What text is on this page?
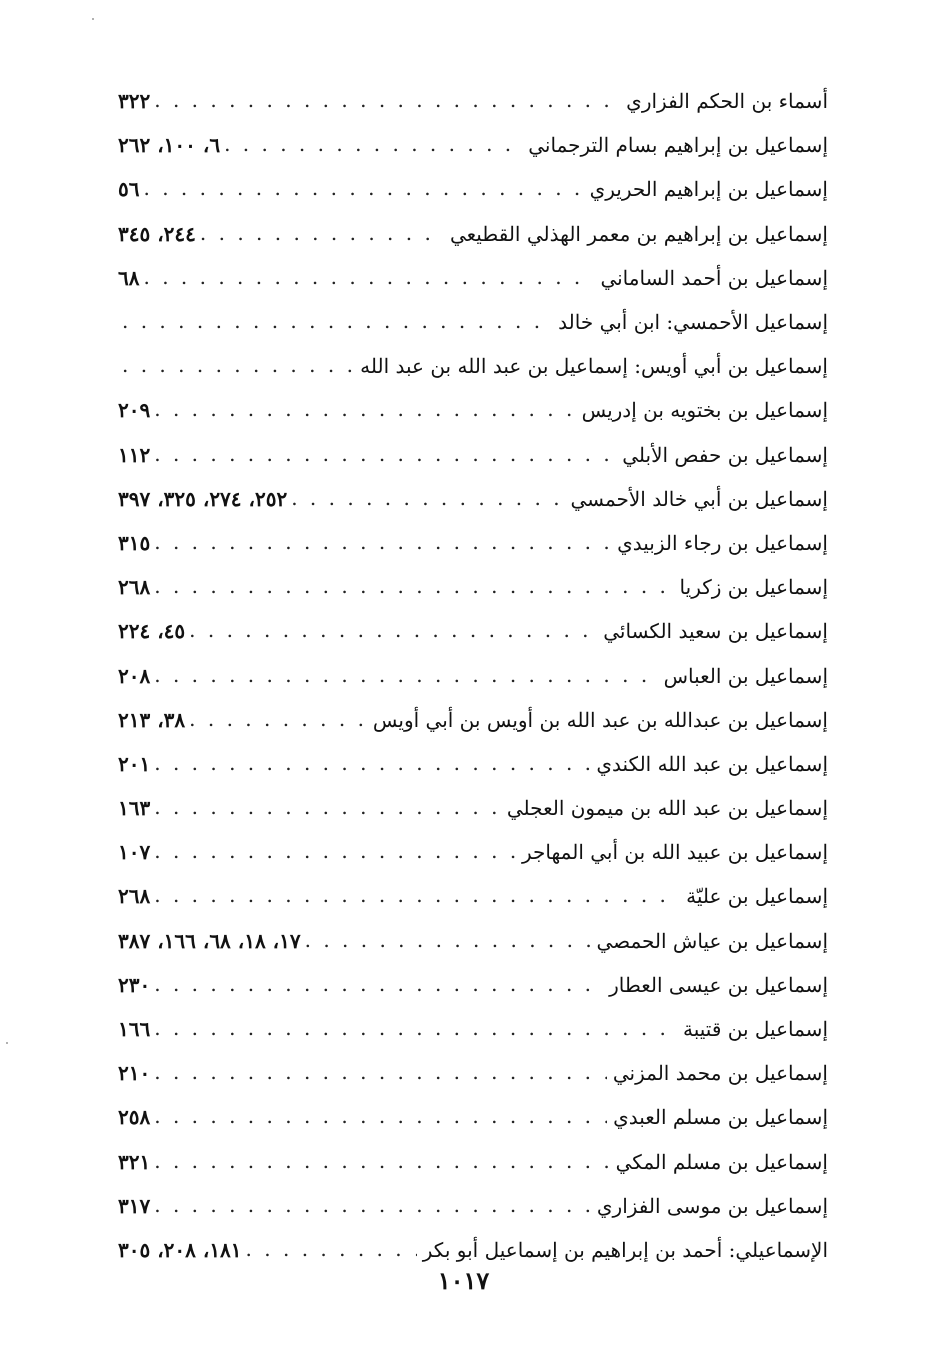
أسماء بن الحكم الفزاري
. . .
٣٢٢
إسماعيل بن إبراهيم بسام الترجماني
. . .
٦، ١٠٠، ٢٦٢
إسماعيل بن إبراهيم الحريري
. . .
٥٦
إسماعيل بن إبراهيم بن معمر الهذلي القطيعي
. . .
٢٤٤، ٣٤٥
إسماعيل بن أحمد الساماني
. . .
٦٨
إسماعيل الأحمسي: ابن أبي خالد
. . .
إسماعيل بن أبي أويس: إسماعيل بن عبد الله بن عبد الله
. . .
إسماعيل بن بختويه بن إدريس
. . .
٢٠٩
إسماعيل بن حفص الأبلي
. . .
١١٢
إسماعيل بن أبي خالد الأحمسي
. . .
٢٥٢، ٢٧٤، ٣٢٥، ٣٩٧
إسماعيل بن رجاء الزبيدي
. . .
٣١٥
إسماعيل بن زكريا
. . .
٢٦٨
إسماعيل بن سعيد الكسائي
. . .
٤٥، ٢٢٤
إسماعيل بن العباس
. . .
٢٠٨
إسماعيل بن عبدالله بن عبد الله بن أويس بن أبي أويس
. . .
٣٨، ٢١٣
إسماعيل بن عبد الله الكندي
. . .
٢٠١
إسماعيل بن عبد الله بن ميمون العجلي
. . .
١٦٣
إسماعيل بن عبيد الله بن أبي المهاجر
. . .
١٠٧
إسماعيل بن عليّة
. . .
٢٦٨
إسماعيل بن عياش الحمصي
. . .
١٧، ١٨، ٦٨، ١٦٦، ٣٨٧
إسماعيل بن عيسى العطار
. . .
٢٣٠
إسماعيل بن قتيبة
. . .
١٦٦
إسماعيل بن محمد المزني
. . .
٢١٠
إسماعيل بن مسلم العبدي
. . .
٢٥٨
إسماعيل بن مسلم المكي
. . .
٣٢١
إسماعيل بن موسى الفزاري
. . .
٣١٧
الإسماعيلي: أحمد بن إبراهيم بن إسماعيل أبو بكر
. . .
١٨١، ٢٠٨، ٣٠٥
١٠١٧
